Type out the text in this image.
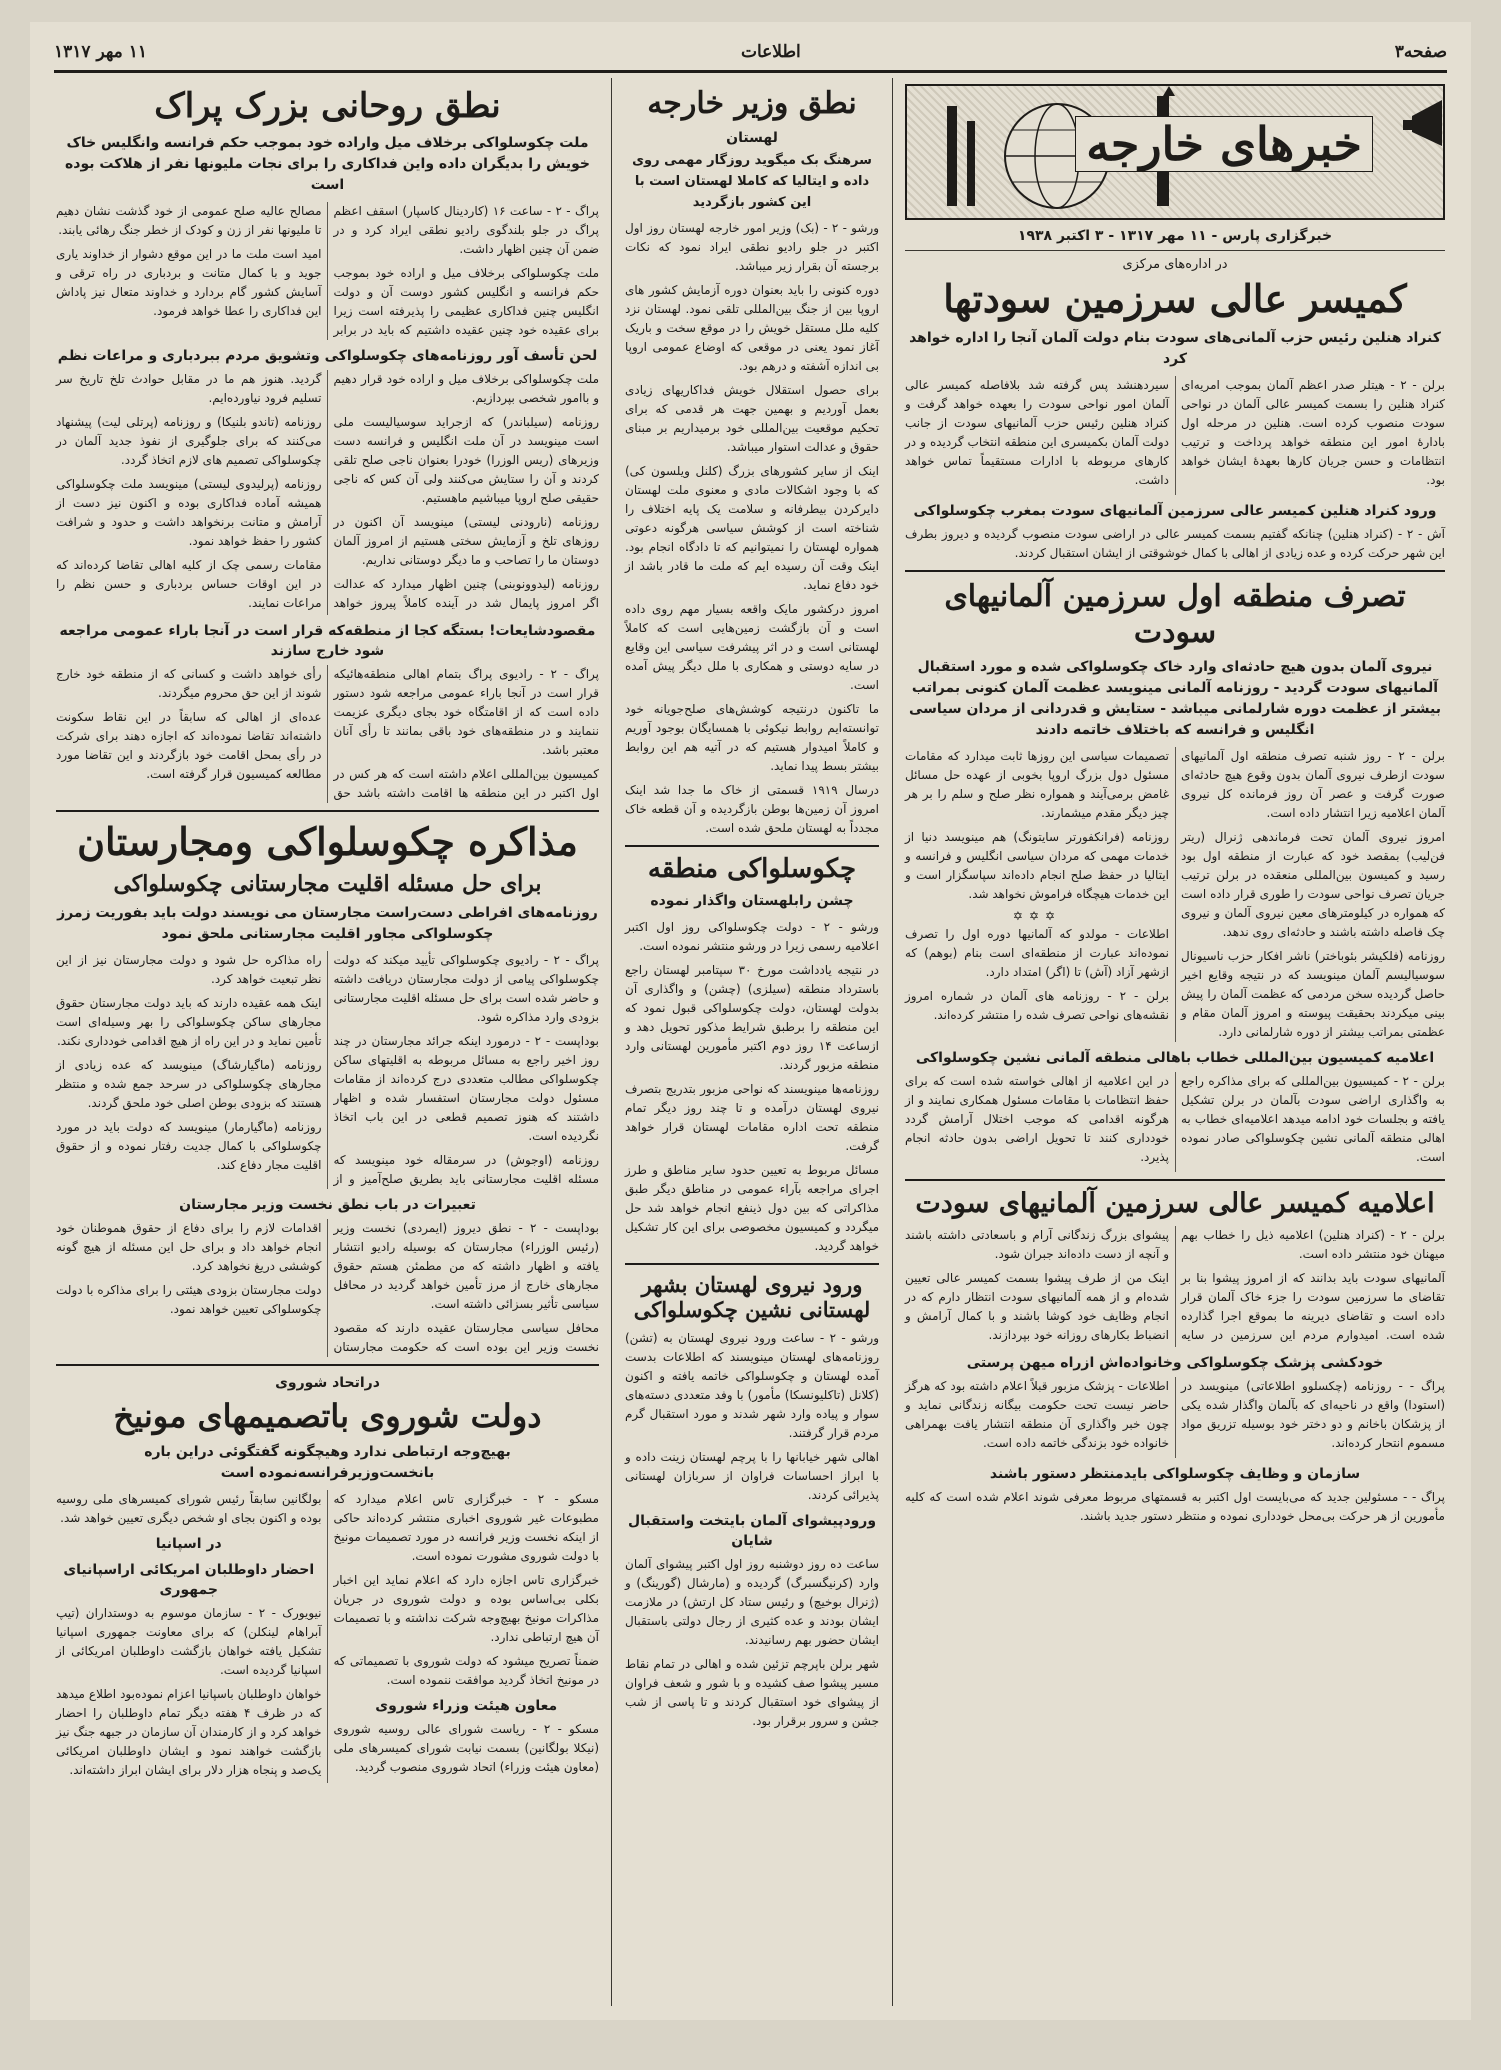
صفحه۳
اطلاعات
۱۱ مهر ۱۳۱۷
خبرهای خارجه
خبرگزاری پارس - ۱۱ مهر ۱۳۱۷ - ۳ اکتبر ۱۹۳۸
در اداره‌های مرکزی
کمیسر عالی سرزمین سودتها
کنراد هنلین رئیس حزب آلمانی‌های سودت بنام دولت آلمان آنجا را اداره خواهد کرد

برلن - ۲ - هیتلر صدر اعظم آلمان بموجب امریه‌ای کنراد هنلین را بسمت کمیسر عالی آلمان در نواحی سودت منصوب کرده است. هنلین در مرحله اول بادارهٔ امور این منطقه خواهد پرداخت و ترتیب انتظامات و حسن جریان کارها بعهدهٔ ایشان خواهد بود.

سیردهنشد پس گرفته شد بلافاصله کمیسر عالی آلمان امور نواحی سودت را بعهده خواهد گرفت و کنراد هنلین رئیس حزب آلمانیهای سودت از جانب دولت آلمان بکمیسری این منطقه انتخاب گردیده و در کارهای مربوطه با ادارات مستقیماً تماس خواهد داشت.

ورود کنراد هنلین کمیسر عالی سرزمین آلمانیهای سودت بمغرب چکوسلواکی

آش - ۲ - (کنراد هنلین) چنانکه گفتیم بسمت کمیسر عالی در اراضی سودت منصوب گردیده و دیروز بطرف این شهر حرکت کرده و عده زیادی از اهالی با کمال خوشوقتی از ایشان استقبال کردند.

تصرف منطقه اول سرزمین آلمانیهای سودت
نیروی آلمان بدون هیچ حادثه‌ای وارد خاک چکوسلواکی شده و مورد استقبال آلمانیهای سودت گردید - روزنامه آلمانی مینویسد عظمت آلمان کنونی بمراتب بیشتر از عظمت دوره شارلمانی میباشد - ستایش و قدردانی از مردان سیاسی انگلیس و فرانسه که باختلاف خاتمه دادند

برلن - ۲ - روز شنبه تصرف منطقه اول آلمانیهای سودت ازطرف نیروی آلمان بدون وقوع هیچ حادثه‌ای صورت گرفت و عصر آن روز فرمانده کل نیروی آلمان اعلامیه زیرا انتشار داده است.

امروز نیروی آلمان تحت فرماندهی ژنرال (ریتر فن‌لیب) بمقصد خود که عبارت از منطقه اول بود رسید و کمیسون بین‌المللی منعقده در برلن ترتیب جریان تصرف نواحی سودت را طوری قرار داده است که همواره در کیلومترهای معین نیروی آلمان و نیروی چک فاصله داشته باشند و حادثه‌ای روی ندهد.

روزنامه (فلکیشر بئوباختر) ناشر افکار حزب ناسیونال سوسیالیسم آلمان مینویسد که در نتیجه وقایع اخیر حاصل گردیده سخن مردمی که عظمت آلمان را پیش بینی میکردند بحقیقت پیوسته و امروز آلمان مقام و عظمتی بمراتب بیشتر از دوره شارلمانی دارد.

تصمیمات سیاسی این روزها ثابت میدارد که مقامات مسئول دول بزرگ اروپا بخوبی از عهده حل مسائل غامض برمی‌آیند و همواره نظر صلح و سلم را بر هر چیز دیگر مقدم میشمارند.

روزنامه (فرانکفورتر سایتونگ) هم مینویسد دنیا از خدمات مهمی که مردان سیاسی انگلیس و فرانسه و ایتالیا در حفظ صلح انجام داده‌اند سپاسگزار است و این خدمات هیچگاه فراموش نخواهد شد.

✡✡✡

اطلاعات - مولدو که آلمانیها دوره اول را تصرف نموده‌اند عبارت از منطقه‌ای است بنام (بوهم) که ازشهر آزاد (آش) تا (اگر) امتداد دارد.

برلن - ۲ - روزنامه های آلمان در شماره امروز نقشه‌های نواحی تصرف شده را منتشر کرده‌اند.

اعلامیه کمیسیون بین‌المللی خطاب باهالی منطقه آلمانی نشین چکوسلواکی

برلن - ۲ - کمیسیون بین‌المللی که برای مذاکره راجع به واگذاری اراضی سودت بآلمان در برلن تشکیل یافته و بجلسات خود ادامه میدهد اعلامیه‌ای خطاب به اهالی منطقه آلمانی نشین چکوسلواکی صادر نموده است.

در این اعلامیه از اهالی خواسته شده است که برای حفظ انتظامات با مقامات مسئول همکاری نمایند و از هرگونه اقدامی که موجب اختلال آرامش گردد خودداری کنند تا تحویل اراضی بدون حادثه انجام پذیرد.

اعلامیه کمیسر عالی سرزمین آلمانیهای سودت

برلن - ۲ - (کنراد هنلین) اعلامیه ذیل را خطاب بهم میهنان خود منتشر داده است.

آلمانیهای سودت باید بدانند که از امروز پیشوا بنا بر تقاضای ما سرزمین سودت را جزء خاک آلمان قرار داده است و تقاضای دیرینه ما بموقع اجرا گذارده شده است. امیدوارم مردم این سرزمین در سایه پیشوای بزرگ زندگانی آرام و باسعادتی داشته باشند و آنچه از دست داده‌اند جبران شود.

اینک من از طرف پیشوا بسمت کمیسر عالی تعیین شده‌ام و از همه آلمانیهای سودت انتظار دارم که در انجام وظایف خود کوشا باشند و با کمال آرامش و انضباط بکارهای روزانه خود بپردازند.

خودکشی پزشک چکوسلواکی وخانواده‌اش ازراه میهن پرستی

پراگ - - روزنامه (چکسلوو اطلاعاتی) مینویسد در (استودا) واقع در ناحیه‌ای که بآلمان واگذار شده یکی از پزشکان باخانم و دو دختر خود بوسیله تزریق مواد مسموم انتحار کرده‌اند.

اطلاعات - پزشک مزبور قبلاً اعلام داشته بود که هرگز حاضر نیست تحت حکومت بیگانه زندگانی نماید و چون خبر واگذاری آن منطقه انتشار یافت بهمراهی خانواده خود بزندگی خاتمه داده است.

سازمان و وظایف چکوسلواکی بایدمنتظر دستور باشند

پراگ - - مسئولین جدید که می‌بایست اول اکتبر به قسمتهای مربوط معرفی شوند اعلام شده است که کلیه مأمورین از هر حرکت بی‌محل خودداری نموده و منتظر دستور جدید باشند.

نطق وزیر خارجه
لهستان
سرهنگ بک میگوید روزگار مهمی روی داده و ایتالیا که کاملا لهستان است با این کشور بازگردید

ورشو - ۲ - (بک) وزیر امور خارجه لهستان روز اول اکتبر در جلو رادیو نطقی ایراد نمود که نکات برجسته آن بقرار زیر میباشد.

دوره کنونی را باید بعنوان دوره آزمایش کشور های اروپا بین از جنگ بین‌المللی تلقی نمود. لهستان نزد کلیه ملل مستقل خویش را در موقع سخت و باریک آغاز نمود یعنی در موقعی که اوضاع عمومی اروپا بی اندازه آشفته و درهم بود.

برای حصول استقلال خویش فداکاریهای زیادی بعمل آوردیم و بهمین جهت هر قدمی که برای تحکیم موقعیت بین‌المللی خود برمیداریم بر مبنای حقوق و عدالت استوار میباشد.

اینک از سایر کشورهای بزرگ (کلنل ویلسون کی) که با وجود اشکالات مادی و معنوی ملت لهستان دایرکردن بیطرفانه و سلامت یک پایه اختلاف را شناخته است از کوشش سیاسی هرگونه دعوتی همواره لهستان را نمیتوانیم که تا دادگاه انجام بود. اینک وقت آن رسیده ایم که ملت ما قادر باشد از خود دفاع نماید.

امروز درکشور مایک واقعه بسیار مهم روی داده است و آن بازگشت زمین‌هایی است که کاملاً لهستانی است و در اثر پیشرفت سیاسی این وقایع در سایه دوستی و همکاری با ملل دیگر پیش آمده است.

ما تاکنون درنتیجه کوشش‌های صلح‌جویانه خود توانسته‌ایم روابط نیکوئی با همسایگان بوجود آوریم و کاملاً امیدوار هستیم که در آتیه هم این روابط بیشتر بسط پیدا نماید.

درسال ۱۹۱۹ قسمتی از خاک ما جدا شد اینک امروز آن زمین‌ها بوطن بازگردیده و آن قطعه خاک مجدداً به لهستان ملحق شده است.

چکوسلواکی منطقه
چشن رابلهستان واگذار نموده

ورشو - ۲ - دولت چکوسلواکی روز اول اکتبر اعلامیه رسمی زیرا در ورشو منتشر نموده است.

در نتیجه یادداشت مورخ ۳۰ سپتامبر لهستان راجع باسترداد منطقه (سیلزی) (چشن) و واگذاری آن بدولت لهستان، دولت چکوسلواکی قبول نمود که این منطقه را برطبق شرایط مذکور تحویل دهد و ازساعت ۱۴ روز دوم اکتبر مأمورین لهستانی وارد منطقه مزبور گردند.

روزنامه‌ها مینویسند که نواحی مزبور بتدریج بتصرف نیروی لهستان درآمده و تا چند روز دیگر تمام منطقه تحت اداره مقامات لهستان قرار خواهد گرفت.

مسائل مربوط به تعیین حدود سایر مناطق و طرز اجرای مراجعه بآراء عمومی در مناطق دیگر طبق مذاکراتی که بین دول ذینفع انجام خواهد شد حل میگردد و کمیسیون مخصوصی برای این کار تشکیل خواهد گردید.

ورود نیروی لهستان بشهر لهستانی نشین چکوسلواکی

ورشو - ۲ - ساعت ورود نیروی لهستان به (تشن) روزنامه‌های لهستان مینویسند که اطلاعات بدست آمده لهستان و چکوسلواکی خاتمه یافته و اکنون (کلانل (تاکلیونسکا) مأمور) با وفد متعددی دسته‌های سوار و پیاده وارد شهر شدند و مورد استقبال گرم مردم قرار گرفتند.

اهالی شهر خیابانها را با پرچم لهستان زینت داده و با ابراز احساسات فراوان از سربازان لهستانی پذیرائی کردند.

ورودپیشوای آلمان بایتخت واستقبال شایان

ساعت ده روز دوشنبه روز اول اکتبر پیشوای آلمان وارد (کرنیگسبرگ) گردیده و (مارشال (گورینگ) و (ژنرال بوخیچ) و رئیس ستاد کل ارتش) در ملازمت ایشان بودند و عده کثیری از رجال دولتی باستقبال ایشان حضور بهم رسانیدند.

شهر برلن باپرچم تزئین شده و اهالی در تمام نقاط مسیر پیشوا صف کشیده و با شور و شعف فراوان از پیشوای خود استقبال کردند و تا پاسی از شب جشن و سرور برقرار بود.

نطق روحانی بزرک پراک
ملت چکوسلواکی برخلاف میل واراده خود بموجب حکم فرانسه وانگلیس خاک خویش را بدیگران داده واین فداکاری را برای نجات ملیونها نفر از هلاکت بوده است

پراگ - ۲ - ساعت ۱۶ (کاردینال کاسپار) اسقف اعظم پراگ در جلو بلندگوی رادیو نطقی ایراد کرد و در ضمن آن چنین اظهار داشت.

ملت چکوسلواکی برخلاف میل و اراده خود بموجب حکم فرانسه و انگلیس کشور دوست آن و دولت انگلیس چنین فداکاری عظیمی را پذیرفته است زیرا برای عقیده خود چنین عقیده داشتیم که باید در برابر مصالح عالیه صلح عمومی از خود گذشت نشان دهیم تا ملیونها نفر از زن و کودک از خطر جنگ رهائی یابند.

امید است ملت ما در این موقع دشوار از خداوند یاری جوید و با کمال متانت و بردباری در راه ترقی و آسایش کشور گام بردارد و خداوند متعال نیز پاداش این فداکاری را عطا خواهد فرمود.

لحن تأسف آور روزنامه‌های چکوسلواکی وتشویق مردم ببردباری و مراعات نظم

ملت چکوسلواکی برخلاف میل و اراده خود قرار دهیم و باامور شخصی بپردازیم.

روزنامه (سیلباندر) که ازجراید سوسیالیست ملی است مینویسد در آن ملت انگلیس و فرانسه دست وزیرهای (ریس الوزرا) خودرا بعنوان ناجی صلح تلقی کردند و آن را ستایش می‌کنند ولی آن کس که ناجی حقیقی صلح اروپا میباشیم ماهستیم.

روزنامه (نارودنی لیستی) مینویسد آن اکنون در روزهای تلخ و آزمایش سختی هستیم از امروز آلمان دوستان ما را تصاحب و ما دیگر دوستانی نداریم.

روزنامه (لیدوونوبنی) چنین اظهار میدارد که عدالت اگر امروز پایمال شد در آینده کاملاً پیروز خواهد گردید. هنوز هم ما در مقابل حوادث تلخ تاریخ سر تسلیم فرود نیاورده‌ایم.

روزنامه (تاندو بلنیکا) و روزنامه (پرتلی لیت) پیشنهاد می‌کنند که برای جلوگیری از نفوذ جدید آلمان در چکوسلواکی تصمیم های لازم اتخاذ گردد.

روزنامه (پرلیدوی لیستی) مینویسد ملت چکوسلواکی همیشه آماده فداکاری بوده و اکنون نیز دست از آرامش و متانت برنخواهد داشت و حدود و شرافت کشور را حفظ خواهد نمود.

مقامات رسمی چک از کلیه اهالی تقاضا کرده‌اند که در این اوقات حساس بردباری و حسن نظم را مراعات نمایند.

مقصودشایعات! بستگه کجا از منطقه‌که قرار است در آنجا باراء عمومی مراجعه شود خارج سازند

پراگ - ۲ - رادیوی پراگ بتمام اهالی منطقه‌هائیکه قرار است در آنجا باراء عمومی مراجعه شود دستور داده است که از اقامتگاه خود بجای دیگری عزیمت ننمایند و در منطقه‌های خود باقی بمانند تا رأی آنان معتبر باشد.

کمیسیون بین‌المللی اعلام داشته است که هر کس در اول اکتبر در این منطقه ها اقامت داشته باشد حق رأی خواهد داشت و کسانی که از منطقه خود خارج شوند از این حق محروم میگردند.

عده‌ای از اهالی که سابقاً در این نقاط سکونت داشته‌اند تقاضا نموده‌اند که اجازه دهند برای شرکت در رأی بمحل اقامت خود بازگردند و این تقاضا مورد مطالعه کمیسیون قرار گرفته است.

مذاکره چکوسلواکی ومجارستان
برای حل مسئله اقلیت مجارستانی چکوسلواکی
روزنامه‌های افراطی دست‌راست مجارستان می نویسند دولت باید بفوریت زمرز چکوسلواکی مجاور اقلیت مجارستانی ملحق نمود

پراگ - ۲ - رادیوی چکوسلواکی تأیید میکند که دولت چکوسلواکی پیامی از دولت مجارستان دریافت داشته و حاضر شده است برای حل مسئله اقلیت مجارستانی بزودی وارد مذاکره شود.

بوداپست - ۲ - درمورد اینکه جرائد مجارستان در چند روز اخیر راجع به مسائل مربوطه به اقلیتهای ساکن چکوسلواکی مطالب متعددی درج کرده‌اند از مقامات مسئول دولت مجارستان استفسار شده و اظهار داشتند که هنوز تصمیم قطعی در این باب اتخاذ نگردیده است.

روزنامه (اوجوش) در سرمقاله خود مینویسد که مسئله اقلیت مجارستانی باید بطریق صلح‌آمیز و از راه مذاکره حل شود و دولت مجارستان نیز از این نظر تبعیت خواهد کرد.

اینک همه عقیده دارند که باید دولت مجارستان حقوق مجارهای ساکن چکوسلواکی را بهر وسیله‌ای است تأمین نماید و در این راه از هیچ اقدامی خودداری نکند.

روزنامه (ماگیارشاگ) مینویسد که عده زیادی از مجارهای چکوسلواکی در سرحد جمع شده و منتظر هستند که بزودی بوطن اصلی خود ملحق گردند.

روزنامه (ماگیارمار) مینویسد که دولت باید در مورد چکوسلواکی با کمال جدیت رفتار نموده و از حقوق اقلیت مجار دفاع کند.

تعبیرات در باب نطق نخست وزیر مجارستان

بوداپست - ۲ - نطق دیروز (ایمردی) نخست وزیر (رئیس الوزراء) مجارستان که بوسیله رادیو انتشار یافته و اظهار داشته که من مطمئن هستم حقوق مجارهای خارج از مرز تأمین خواهد گردید در محافل سیاسی تأثیر بسزائی داشته است.

محافل سیاسی مجارستان عقیده دارند که مقصود نخست وزیر این بوده است که حکومت مجارستان اقدامات لازم را برای دفاع از حقوق هموطنان خود انجام خواهد داد و برای حل این مسئله از هیچ گونه کوششی دریغ نخواهد کرد.

دولت مجارستان بزودی هیئتی را برای مذاکره با دولت چکوسلواکی تعیین خواهد نمود.

دراتحاد شوروی
دولت شوروی باتصمیمهای مونیخ
بهیچ‌وجه ارتباطی ندارد وهیچگونه گفتگوئی دراین باره بانخست‌وزیرفرانسه‌نموده است

مسکو - ۲ - خبرگزاری تاس اعلام میدارد که مطبوعات غیر شوروی اخباری منتشر کرده‌اند حاکی از اینکه نخست وزیر فرانسه در مورد تصمیمات مونیخ با دولت شوروی مشورت نموده است.

خبرگزاری تاس اجازه دارد که اعلام نماید این اخبار بکلی بی‌اساس بوده و دولت شوروی در جریان مذاکرات مونیخ بهیچ‌وجه شرکت نداشته و با تصمیمات آن هیچ ارتباطی ندارد.

ضمناً تصریح میشود که دولت شوروی با تصمیماتی که در مونیخ اتخاذ گردید موافقت ننموده است.

معاون هیئت وزراء شوروی

مسکو - ۲ - ریاست شورای عالی روسیه شوروی (نیکلا بولگانین) بسمت نیابت شورای کمیسرهای ملی (معاون هیئت وزراء) اتحاد شوروی منصوب گردید.

بولگانین سابقاً رئیس شورای کمیسرهای ملی روسیه بوده و اکنون بجای او شخص دیگری تعیین خواهد شد.

در اسپانیا
احضار داوطلبان امریکائی اراسپانیای جمهوری

نیویورک - ۲ - سازمان موسوم به دوستداران (تیپ آبراهام لینکلن) که برای معاونت جمهوری اسپانیا تشکیل یافته خواهان بازگشت داوطلبان امریکائی از اسپانیا گردیده است.

خواهان داوطلبان باسپانیا اعزام نموده‌بود اطلاع میدهد که در ظرف ۴ هفته دیگر تمام داوطلبان را احضار خواهد کرد و از کارمندان آن سازمان در جبهه جنگ نیز بازگشت خواهند نمود و ایشان داوطلبان امریکائی یک‌صد و پنجاه هزار دلار برای ایشان ابراز داشته‌اند.
